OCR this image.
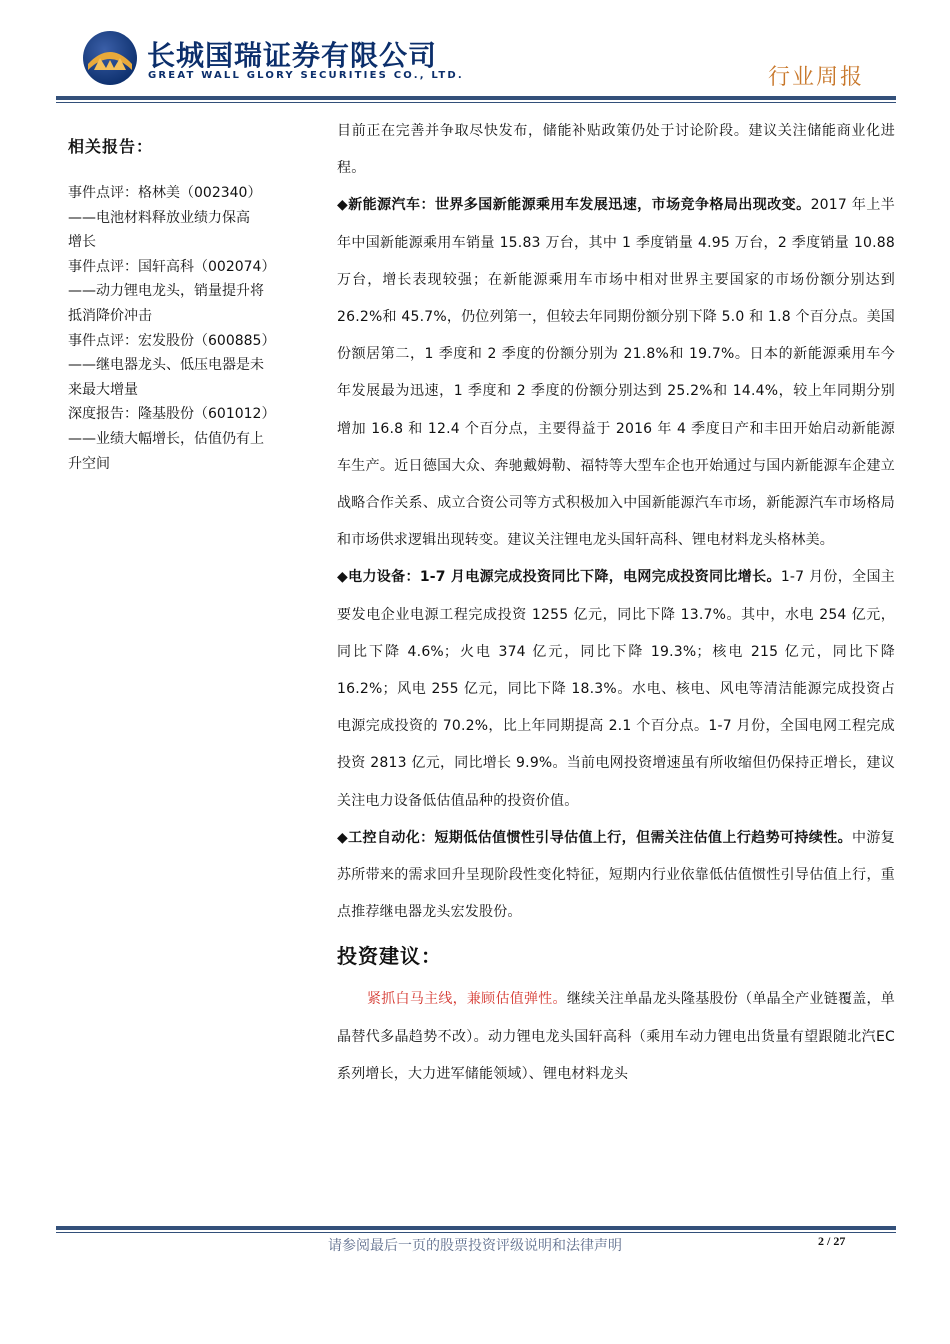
长城国瑞证券有限公司
GREAT WALL GLORY SECURITIES CO., LTD.	行业周报
相关报告：
事件点评：格林美（002340）
——电池材料释放业绩力保高
增长
事件点评：国轩高科（002074）
——动力锂电龙头，销量提升将
抵消降价冲击
事件点评：宏发股份（600885）
——继电器龙头、低压电器是未
来最大增量
深度报告：隆基股份（601012）
——业绩大幅增长，估值仍有上
升空间

目前正在完善并争取尽快发布，储能补贴政策仍处于讨论阶段。建议关注储能商业化进程。

◆新能源汽车：世界多国新能源乘用车发展迅速，市场竞争格局出现改变。2017 年上半年中国新能源乘用车销量 15.83 万台，其中 1 季度销量 4.95 万台，2 季度销量 10.88 万台，增长表现较强；在新能源乘用车市场中相对世界主要国家的市场份额分别达到 26.2%和 45.7%，仍位列第一，但较去年同期份额分别下降 5.0 和 1.8 个百分点。美国份额居第二，1 季度和 2 季度的份额分别为 21.8%和 19.7%。日本的新能源乘用车今年发展最为迅速，1 季度和 2 季度的份额分别达到 25.2%和 14.4%，较上年同期分别增加 16.8 和 12.4 个百分点，主要得益于 2016 年 4 季度日产和丰田开始启动新能源车生产。近日德国大众、奔驰戴姆勒、福特等大型车企也开始通过与国内新能源车企建立战略合作关系、成立合资公司等方式积极加入中国新能源汽车市场，新能源汽车市场格局和市场供求逻辑出现转变。建议关注锂电龙头国轩高科、锂电材料龙头格林美。

◆电力设备：1-7 月电源完成投资同比下降，电网完成投资同比增长。1-7 月份，全国主要发电企业电源工程完成投资 1255 亿元，同比下降 13.7%。其中，水电 254 亿元，同比下降 4.6%；火电 374 亿元，同比下降 19.3%；核电 215 亿元，同比下降 16.2%；风电 255 亿元，同比下降 18.3%。水电、核电、风电等清洁能源完成投资占电源完成投资的 70.2%，比上年同期提高 2.1 个百分点。1-7 月份，全国电网工程完成投资 2813 亿元，同比增长 9.9%。当前电网投资增速虽有所收缩但仍保持正增长，建议关注电力设备低估值品种的投资价值。

◆工控自动化：短期低估值惯性引导估值上行，但需关注估值上行趋势可持续性。中游复苏所带来的需求回升呈现阶段性变化特征，短期内行业依靠低估值惯性引导估值上行，重点推荐继电器龙头宏发股份。

投资建议：

紧抓白马主线，兼顾估值弹性。继续关注单晶龙头隆基股份（单晶全产业链覆盖，单晶替代多晶趋势不改）。动力锂电龙头国轩高科（乘用车动力锂电出货量有望跟随北汽EC系列增长，大力进军储能领域）、锂电材料龙头

请参阅最后一页的股票投资评级说明和法律声明	2 / 27
